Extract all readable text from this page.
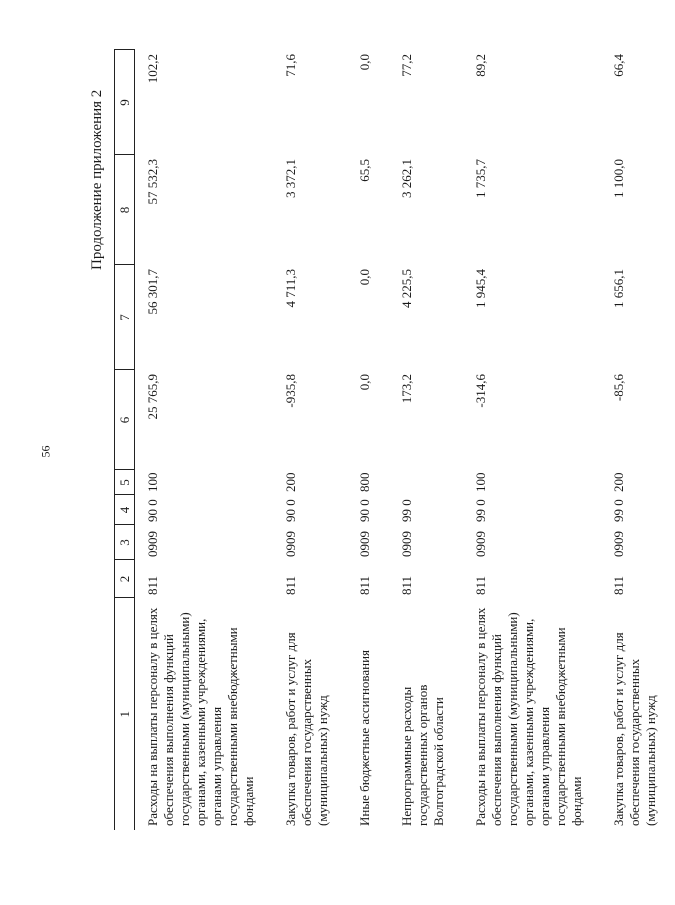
56
Продолжение приложения 2
1	2	3	4	5	6	7	8	9
Расходы на выплаты персоналу в целях обеспечения выполнения функций государственными (муниципальными) органами, казенными учреждениями, органами управления государственными внебюджетными фондами	811	0909	90 0	100	25 765,9	56 301,7	57 532,3	102,2
Закупка товаров, работ и услуг для обеспечения государственных (муниципальных) нужд	811	0909	90 0	200	-935,8	4 711,3	3 372,1	71,6
Иные бюджетные ассигнования	811	0909	90 0	800	0,0	0,0	65,5	0,0
Непрограммные расходы государственных органов Волгоградской области	811	0909	99 0		173,2	4 225,5	3 262,1	77,2
Расходы на выплаты персоналу в целях обеспечения выполнения функций государственными (муниципальными) органами, казенными учреждениями, органами управления государственными внебюджетными фондами	811	0909	99 0	100	-314,6	1 945,4	1 735,7	89,2
Закупка товаров, работ и услуг для обеспечения государственных (муниципальных) нужд	811	0909	99 0	200	-85,6	1 656,1	1 100,0	66,4
